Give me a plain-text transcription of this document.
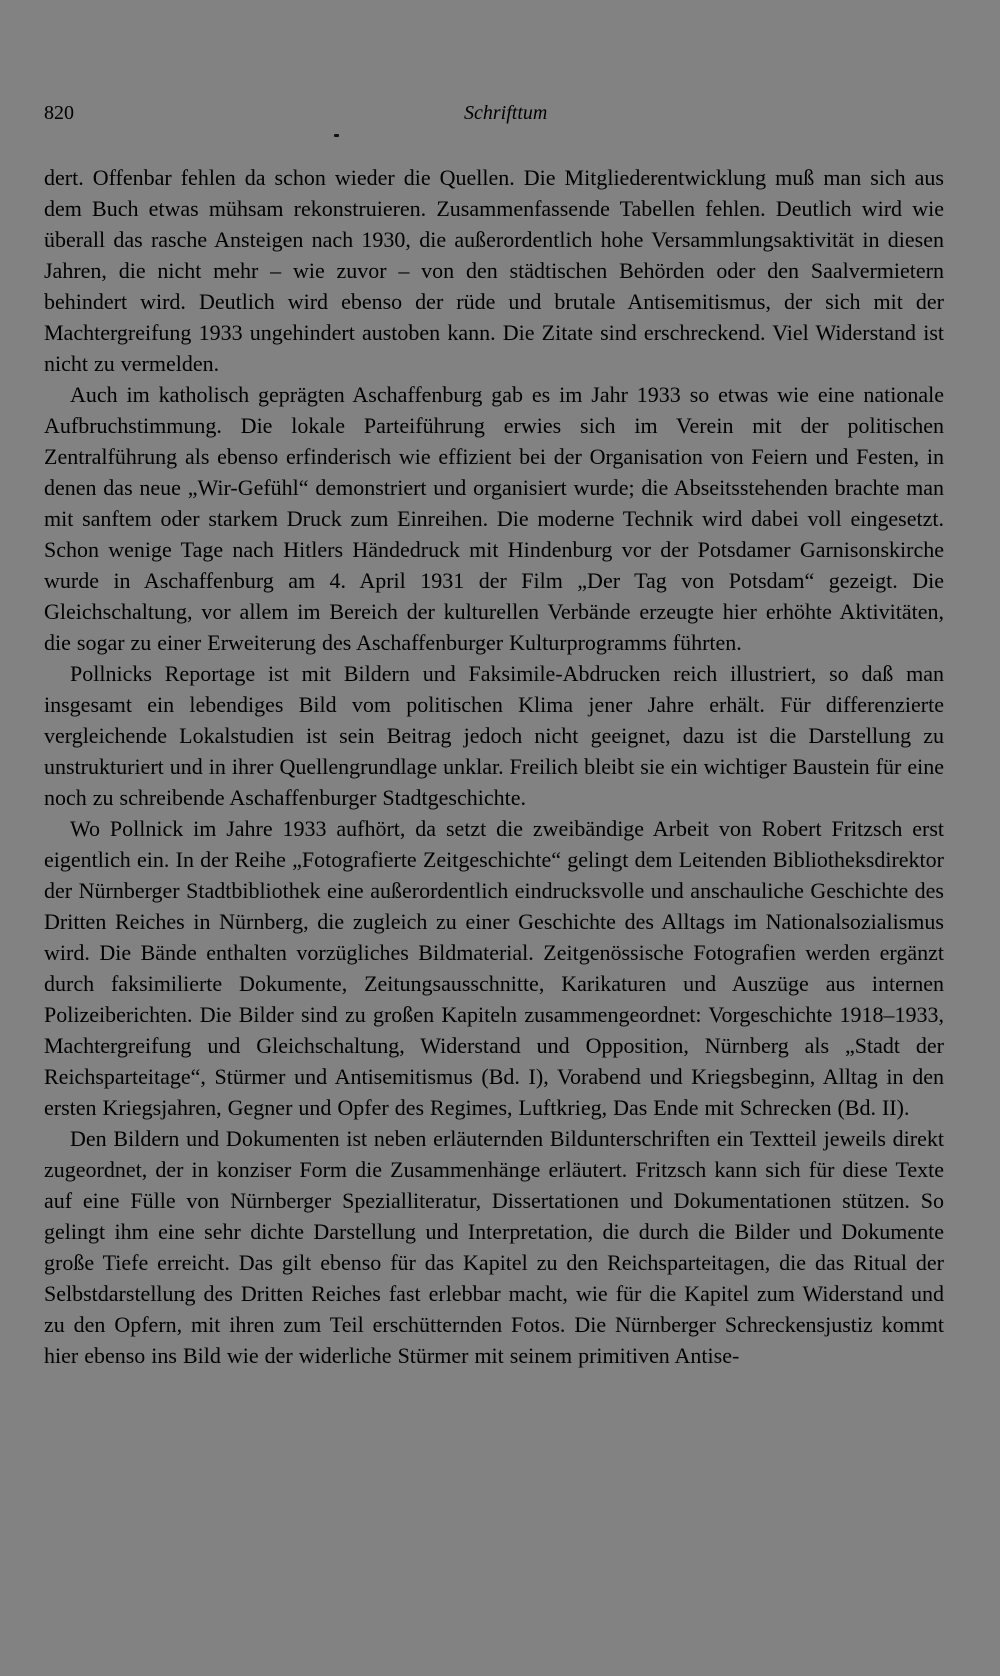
820	Schrifttum

dert. Offenbar fehlen da schon wieder die Quellen. Die Mitgliederentwicklung muß man sich aus dem Buch etwas mühsam rekonstruieren. Zusammenfassende Tabellen fehlen. Deutlich wird wie überall das rasche Ansteigen nach 1930, die außerordentlich hohe Versammlungsaktivität in diesen Jahren, die nicht mehr – wie zuvor – von den städtischen Behörden oder den Saalvermietern behindert wird. Deutlich wird ebenso der rüde und brutale Antisemitismus, der sich mit der Machtergreifung 1933 ungehindert austoben kann. Die Zitate sind erschreckend. Viel Widerstand ist nicht zu vermelden.

Auch im katholisch geprägten Aschaffenburg gab es im Jahr 1933 so etwas wie eine nationale Aufbruchstimmung. Die lokale Parteiführung erwies sich im Verein mit der politischen Zentralführung als ebenso erfinderisch wie effizient bei der Organisation von Feiern und Festen, in denen das neue „Wir-Gefühl“ demonstriert und organisiert wurde; die Abseitsstehenden brachte man mit sanftem oder starkem Druck zum Einreihen. Die moderne Technik wird dabei voll eingesetzt. Schon wenige Tage nach Hitlers Händedruck mit Hindenburg vor der Potsdamer Garnisonskirche wurde in Aschaffenburg am 4. April 1931 der Film „Der Tag von Potsdam“ gezeigt. Die Gleichschaltung, vor allem im Bereich der kulturellen Verbände erzeugte hier erhöhte Aktivitäten, die sogar zu einer Erweiterung des Aschaffenburger Kulturprogramms führten.

Pollnicks Reportage ist mit Bildern und Faksimile-Abdrucken reich illustriert, so daß man insgesamt ein lebendiges Bild vom politischen Klima jener Jahre erhält. Für differenzierte vergleichende Lokalstudien ist sein Beitrag jedoch nicht geeignet, dazu ist die Darstellung zu unstrukturiert und in ihrer Quellengrundlage unklar. Freilich bleibt sie ein wichtiger Baustein für eine noch zu schreibende Aschaffenburger Stadtgeschichte.

Wo Pollnick im Jahre 1933 aufhört, da setzt die zweibändige Arbeit von Robert Fritzsch erst eigentlich ein. In der Reihe „Fotografierte Zeitgeschichte“ gelingt dem Leitenden Bibliotheksdirektor der Nürnberger Stadtbibliothek eine außerordentlich eindrucksvolle und anschauliche Geschichte des Dritten Reiches in Nürnberg, die zugleich zu einer Geschichte des Alltags im Nationalsozialismus wird. Die Bände enthalten vorzügliches Bildmaterial. Zeitgenössische Fotografien werden ergänzt durch faksimilierte Dokumente, Zeitungsausschnitte, Karikaturen und Auszüge aus internen Polizeiberichten. Die Bilder sind zu großen Kapiteln zusammengeordnet: Vorgeschichte 1918–1933, Machtergreifung und Gleichschaltung, Widerstand und Opposition, Nürnberg als „Stadt der Reichsparteitage“, Stürmer und Antisemitismus (Bd. I), Vorabend und Kriegsbeginn, Alltag in den ersten Kriegsjahren, Gegner und Opfer des Regimes, Luftkrieg, Das Ende mit Schrecken (Bd. II).

Den Bildern und Dokumenten ist neben erläuternden Bildunterschriften ein Textteil jeweils direkt zugeordnet, der in konziser Form die Zusammenhänge erläutert. Fritzsch kann sich für diese Texte auf eine Fülle von Nürnberger Spezialliteratur, Dissertationen und Dokumentationen stützen. So gelingt ihm eine sehr dichte Darstellung und Interpretation, die durch die Bilder und Dokumente große Tiefe erreicht. Das gilt ebenso für das Kapitel zu den Reichsparteitagen, die das Ritual der Selbstdarstellung des Dritten Reiches fast erlebbar macht, wie für die Kapitel zum Widerstand und zu den Opfern, mit ihren zum Teil erschütternden Fotos. Die Nürnberger Schreckensjustiz kommt hier ebenso ins Bild wie der widerliche Stürmer mit seinem primitiven Antise-
